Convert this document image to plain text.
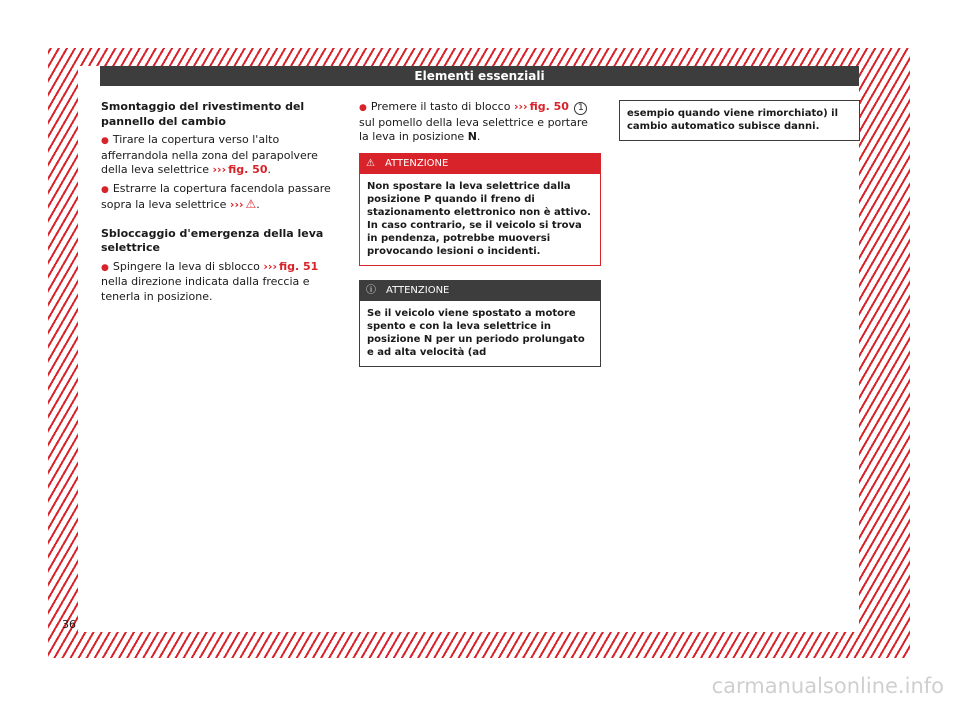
Elementi essenziali
Smontaggio del rivestimento del pannello del cambio
● Tirare la copertura verso l'alto afferrandola nella zona del parapolvere della leva selettrice ››› fig. 50.
● Estrarre la copertura facendola passare sopra la leva selettrice ››› ⚠.
Sbloccaggio d'emergenza della leva selettrice
● Spingere la leva di sblocco ››› fig. 51 nella direzione indicata dalla freccia e tenerla in posizione.
● Premere il tasto di blocco ››› fig. 50 1 sul pomello della leva selettrice e portare la leva in posizione N.
⚠ ATTENZIONE
Non spostare la leva selettrice dalla posizione P quando il freno di stazionamento elettronico non è attivo. In caso contrario, se il veicolo si trova in pendenza, potrebbe muoversi provocando lesioni o incidenti.
ⓘ ATTENZIONE
Se il veicolo viene spostato a motore spento e con la leva selettrice in posizione N per un periodo prolungato e ad alta velocità (ad
esempio quando viene rimorchiato) il cambio automatico subisce danni.
36
carmanualsonline.info
